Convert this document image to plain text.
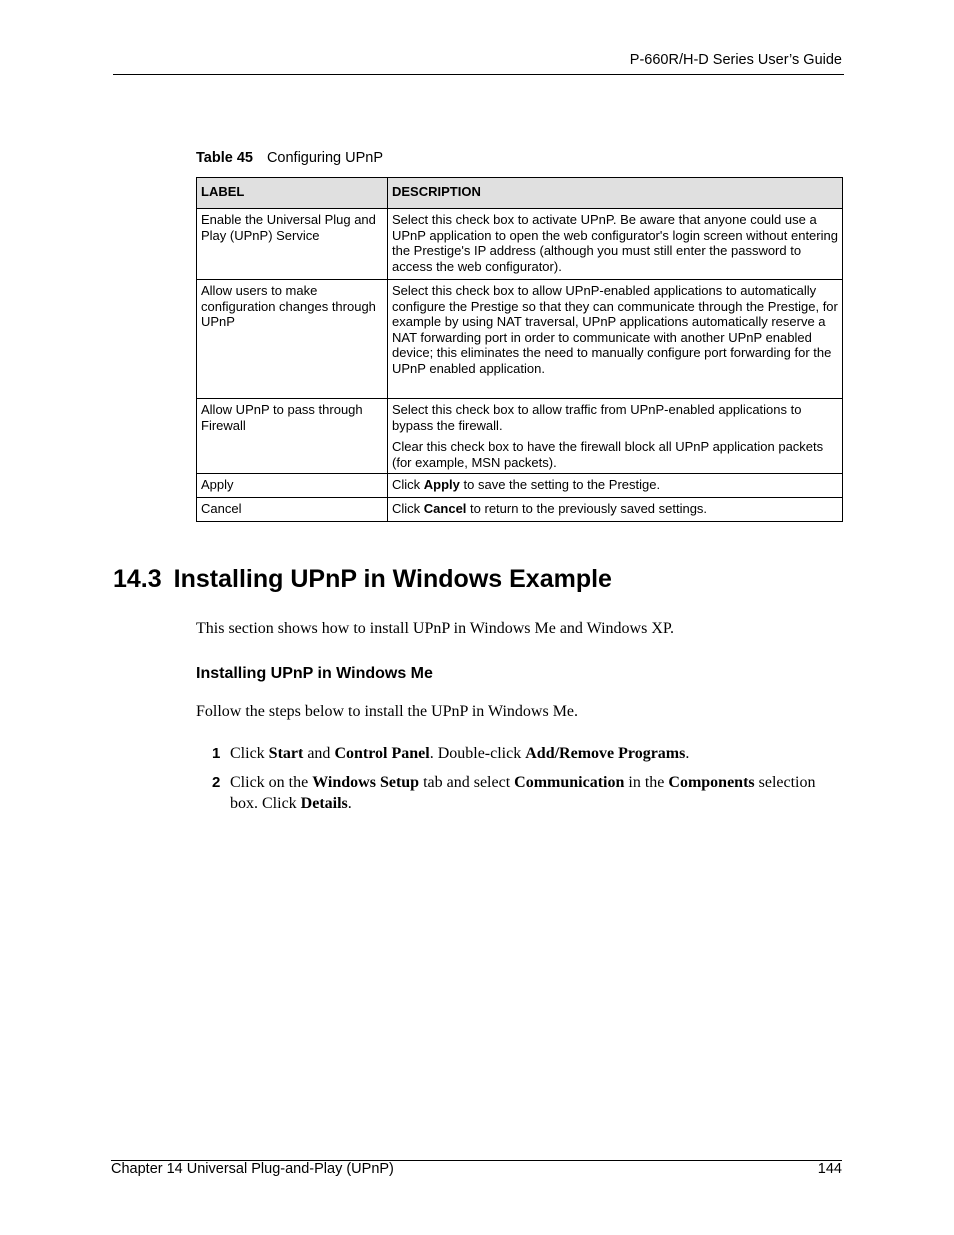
P-660R/H-D Series User’s Guide
Table 45 Configuring UPnP
LABEL	DESCRIPTION
Enable the Universal Plug and Play (UPnP) Service	Select this check box to activate UPnP. Be aware that anyone could use a UPnP application to open the web configurator's login screen without entering the Prestige's IP address (although you must still enter the password to access the web configurator).

Allow users to make configuration changes through UPnP	Select this check box to allow UPnP-enabled applications to automatically configure the Prestige so that they can communicate through the Prestige, for example by using NAT traversal, UPnP applications automatically reserve a NAT forwarding port in order to communicate with another UPnP enabled device; this eliminates the need to manually configure port forwarding for the UPnP enabled application.

Allow UPnP to pass through Firewall	Select this check box to allow traffic from UPnP-enabled applications to bypass the firewall.

Clear this check box to have the firewall block all UPnP application packets (for example, MSN packets).

Apply	Click Apply to save the setting to the Prestige.
Cancel	Click Cancel to return to the previously saved settings.
14.3 Installing UPnP in Windows Example
This section shows how to install UPnP in Windows Me and Windows XP.
Installing UPnP in Windows Me
Follow the steps below to install the UPnP in Windows Me.
1 Click Start and Control Panel. Double-click Add/Remove Programs.
2 Click on the Windows Setup tab and select Communication in the Components selection box. Click Details.
Chapter 14 Universal Plug-and-Play (UPnP)	144
